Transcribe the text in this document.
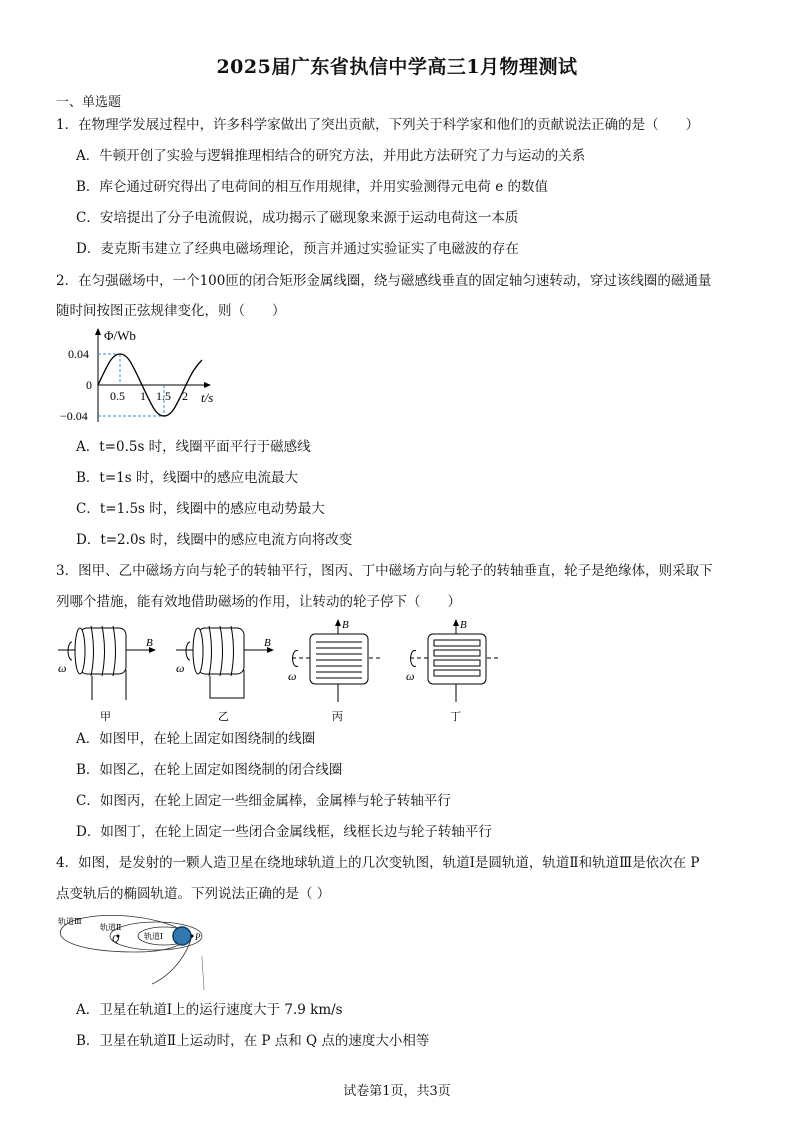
2025届广东省执信中学高三1月物理测试
一、单选题
1．在物理学发展过程中，许多科学家做出了突出贡献，下列关于科学家和他们的贡献说法正确的是（　　）
A．牛顿开创了实验与逻辑推理相结合的研究方法，并用此方法研究了力与运动的关系
B．库仑通过研究得出了电荷间的相互作用规律，并用实验测得元电荷 e 的数值
C．安培提出了分子电流假说，成功揭示了磁现象来源于运动电荷这一本质
D．麦克斯韦建立了经典电磁场理论，预言并通过实验证实了电磁波的存在
2．在匀强磁场中，一个100匝的闭合矩形金属线圈，绕与磁感线垂直的固定轴匀速转动，穿过该线圈的磁通量
随时间按图正弦规律变化，则（　　）
Φ/Wb
0.04
0
−0.04
0.5 1 1.5 2 t/s
A．t=0.5s 时，线圈平面平行于磁感线
B．t=1s 时，线圈中的感应电流最大
C．t=1.5s 时，线圈中的感应电动势最大
D．t=2.0s 时，线圈中的感应电流方向将改变
3．图甲、乙中磁场方向与轮子的转轴平行，图丙、丁中磁场方向与轮子的转轴垂直，轮子是绝缘体，则采取下
列哪个措施，能有效地借助磁场的作用，让转动的轮子停下（　　）
B
ω
甲
B
ω
乙
B
ω
丙
B
ω
丁
A．如图甲，在轮上固定如图绕制的线圈
B．如图乙，在轮上固定如图绕制的闭合线圈
C．如图丙，在轮上固定一些细金属棒，金属棒与轮子转轴平行
D．如图丁，在轮上固定一些闭合金属线框，线框长边与轮子转轴平行
4．如图，是发射的一颗人造卫星在绕地球轨道上的几次变轨图，轨道Ⅰ是圆轨道，轨道Ⅱ和轨道Ⅲ是依次在 P
点变轨后的椭圆轨道。下列说法正确的是（ ）
轨道Ⅲ
轨道Ⅱ
轨道Ⅰ
Q	P
A．卫星在轨道Ⅰ上的运行速度大于 7.9 km/s
B．卫星在轨道Ⅱ上运动时，在 P 点和 Q 点的速度大小相等
试卷第1页，共3页
